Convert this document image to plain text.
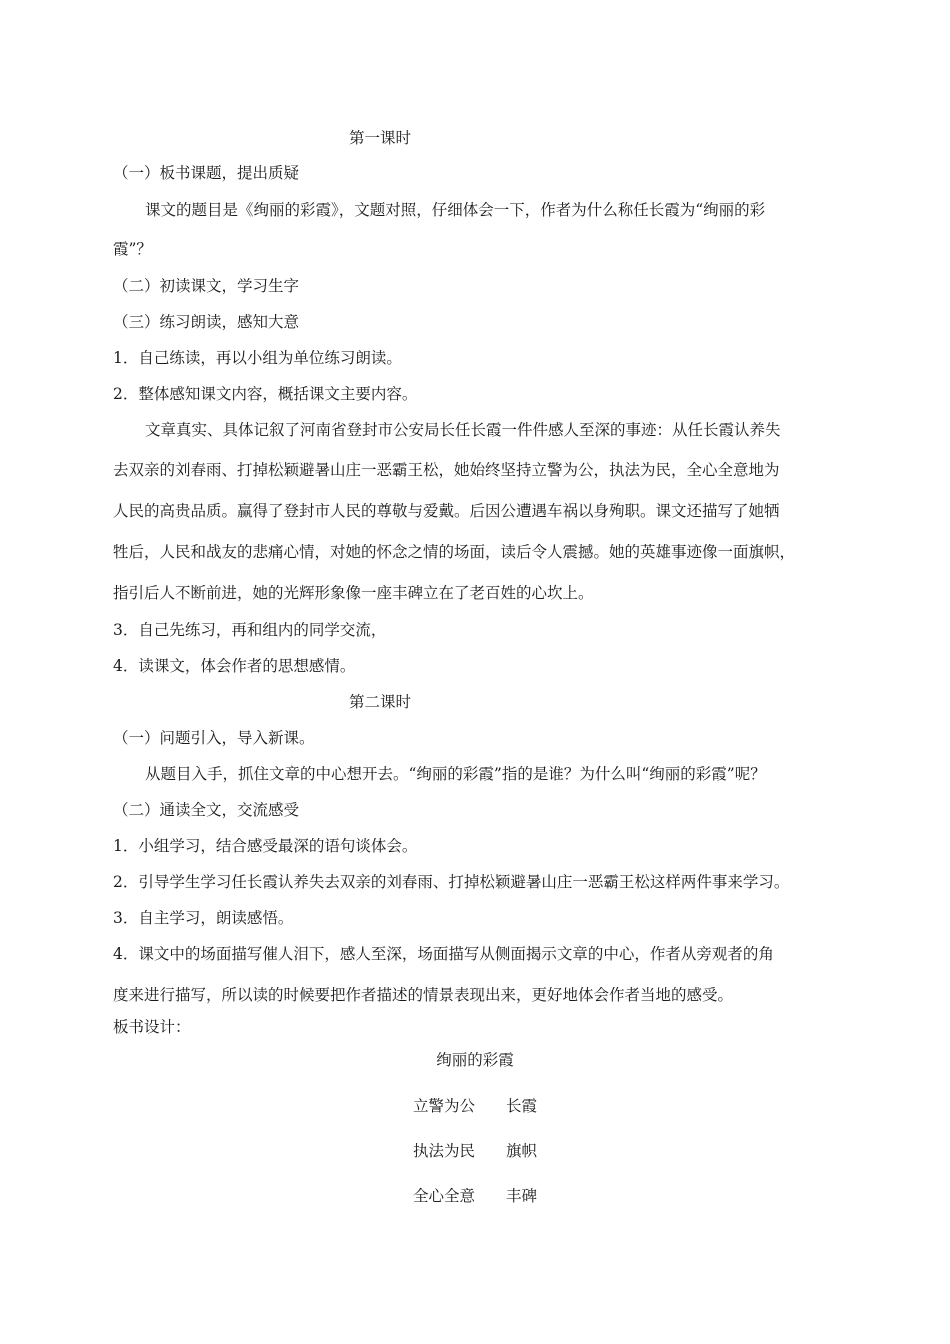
第一课时
（一）板书课题，提出质疑
课文的题目是《绚丽的彩霞》，文题对照，仔细体会一下，作者为什么称任长霞为“绚丽的彩
霞”？
（二）初读课文，学习生字
（三）练习朗读，感知大意
1．自己练读，再以小组为单位练习朗读。
2．整体感知课文内容，概括课文主要内容。
文章真实、具体记叙了河南省登封市公安局长任长霞一件件感人至深的事迹：从任长霞认养失
去双亲的刘春雨、打掉松颖避暑山庄一恶霸王松，她始终坚持立警为公，执法为民，全心全意地为
人民的高贵品质。赢得了登封市人民的尊敬与爱戴。后因公遭遇车祸以身殉职。课文还描写了她牺
牲后，人民和战友的悲痛心情，对她的怀念之情的场面，读后令人震撼。她的英雄事迹像一面旗帜，
指引后人不断前进，她的光辉形象像一座丰碑立在了老百姓的心坎上。
3．自己先练习，再和组内的同学交流，
4．读课文，体会作者的思想感情。
第二课时
（一）问题引入，导入新课。
从题目入手，抓住文章的中心想开去。“绚丽的彩霞”指的是谁？为什么叫“绚丽的彩霞”呢？
（二）通读全文，交流感受
1．小组学习，结合感受最深的语句谈体会。
2．引导学生学习任长霞认养失去双亲的刘春雨、打掉松颖避暑山庄一恶霸王松这样两件事来学习。
3．自主学习，朗读感悟。
4．课文中的场面描写催人泪下，感人至深，场面描写从侧面揭示文章的中心，作者从旁观者的角
度来进行描写，所以读的时候要把作者描述的情景表现出来，更好地体会作者当地的感受。
板书设计：
绚丽的彩霞
立警为公 长霞
执法为民 旗帜
全心全意 丰碑
